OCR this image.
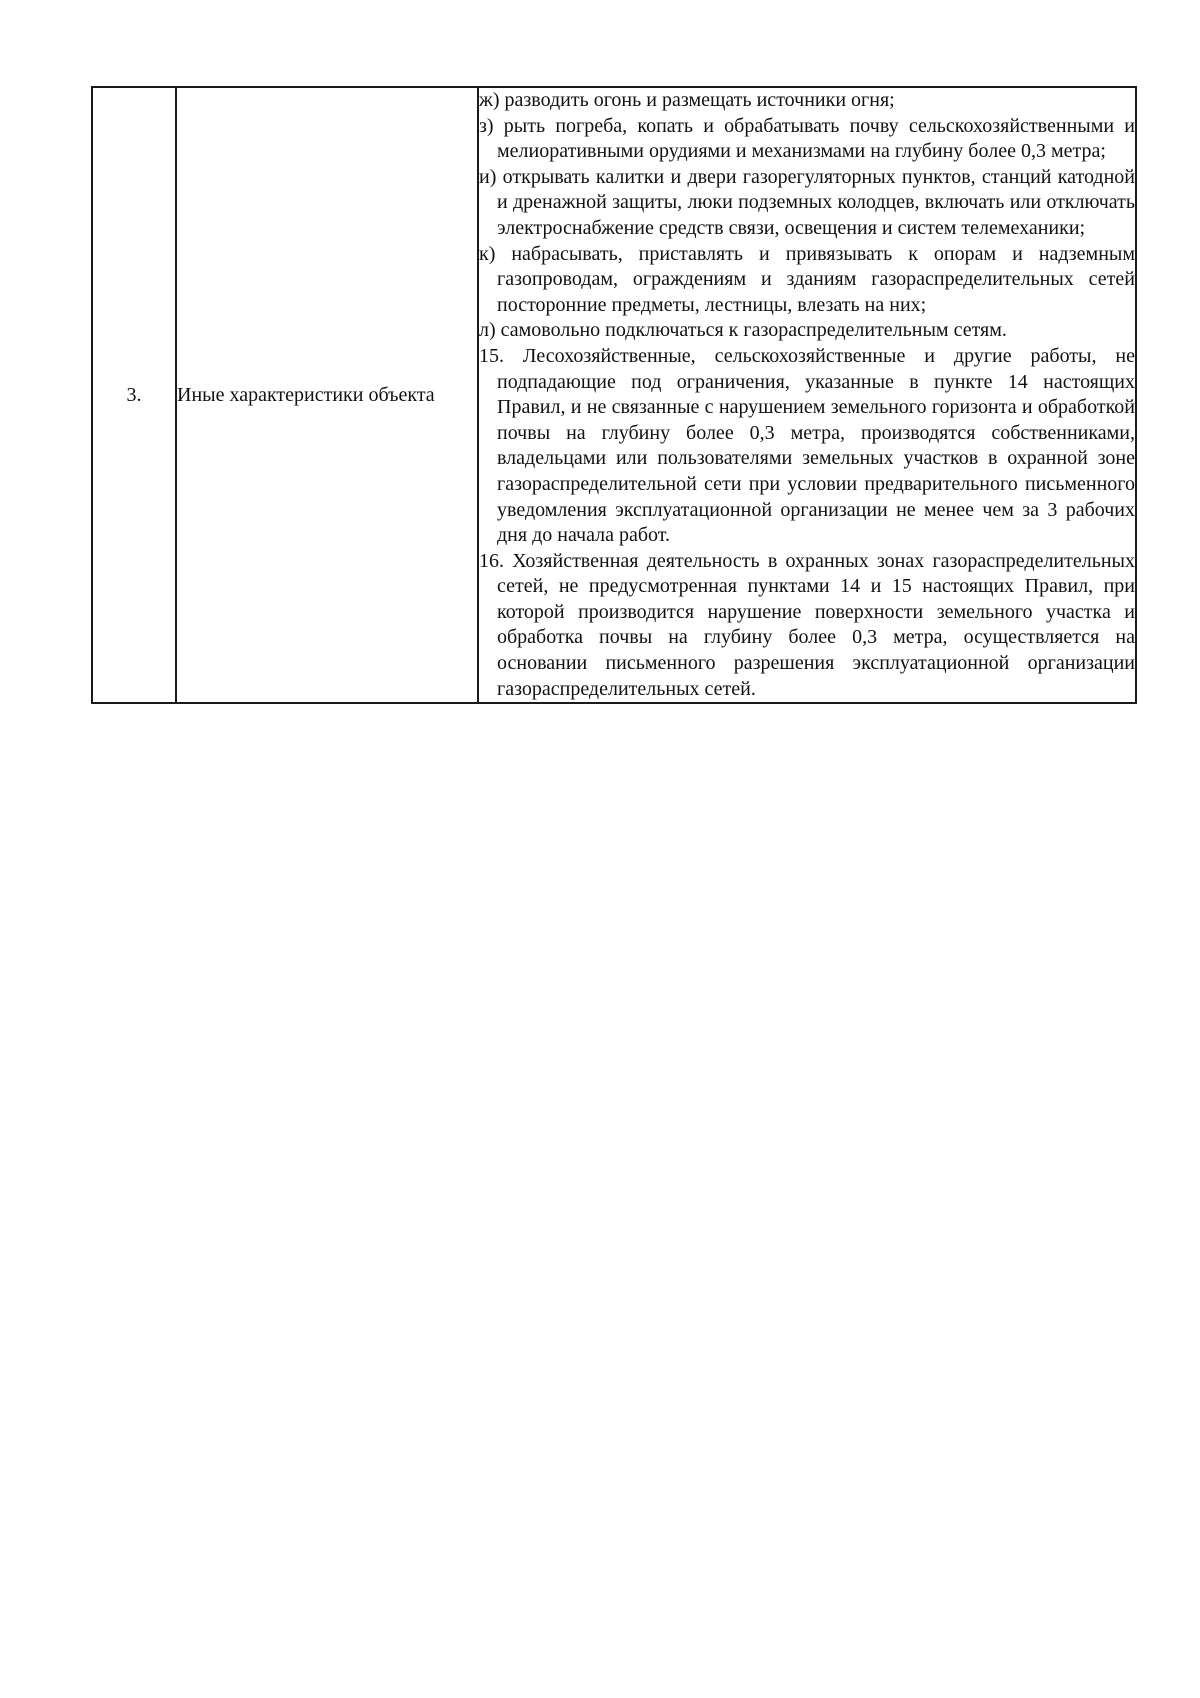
3.	Иные характеристики объекта	

ж) разводить огонь и размещать источники огня;

з) рыть погреба, копать и обрабатывать почву сельскохозяйственными и мелиоративными орудиями и механизмами на глубину более 0,3 метра;

и) открывать калитки и двери газорегуляторных пунктов, станций катодной и дренажной защиты, люки подземных колодцев, включать или отключать электроснабжение средств связи, освещения и систем телемеханики;

к) набрасывать, приставлять и привязывать к опорам и надземным газопроводам, ограждениям и зданиям газораспределительных сетей посторонние предметы, лестницы, влезать на них;

л) самовольно подключаться к газораспределительным сетям.

15. Лесохозяйственные, сельскохозяйственные и другие работы, не подпадающие под ограничения, указанные в пункте 14 настоящих Правил, и не связанные с нарушением земельного горизонта и обработкой почвы на глубину более 0,3 метра, производятся собственниками, владельцами или пользователями земельных участков в охранной зоне газораспределительной сети при условии предварительного письменного уведомления эксплуатационной организации не менее чем за 3 рабочих дня до начала работ.

16. Хозяйственная деятельность в охранных зонах газораспределительных сетей, не предусмотренная пунктами 14 и 15 настоящих Правил, при которой производится нарушение поверхности земельного участка и обработка почвы на глубину более 0,3 метра, осуществляется на основании письменного разрешения эксплуатационной организации газораспределительных сетей.
